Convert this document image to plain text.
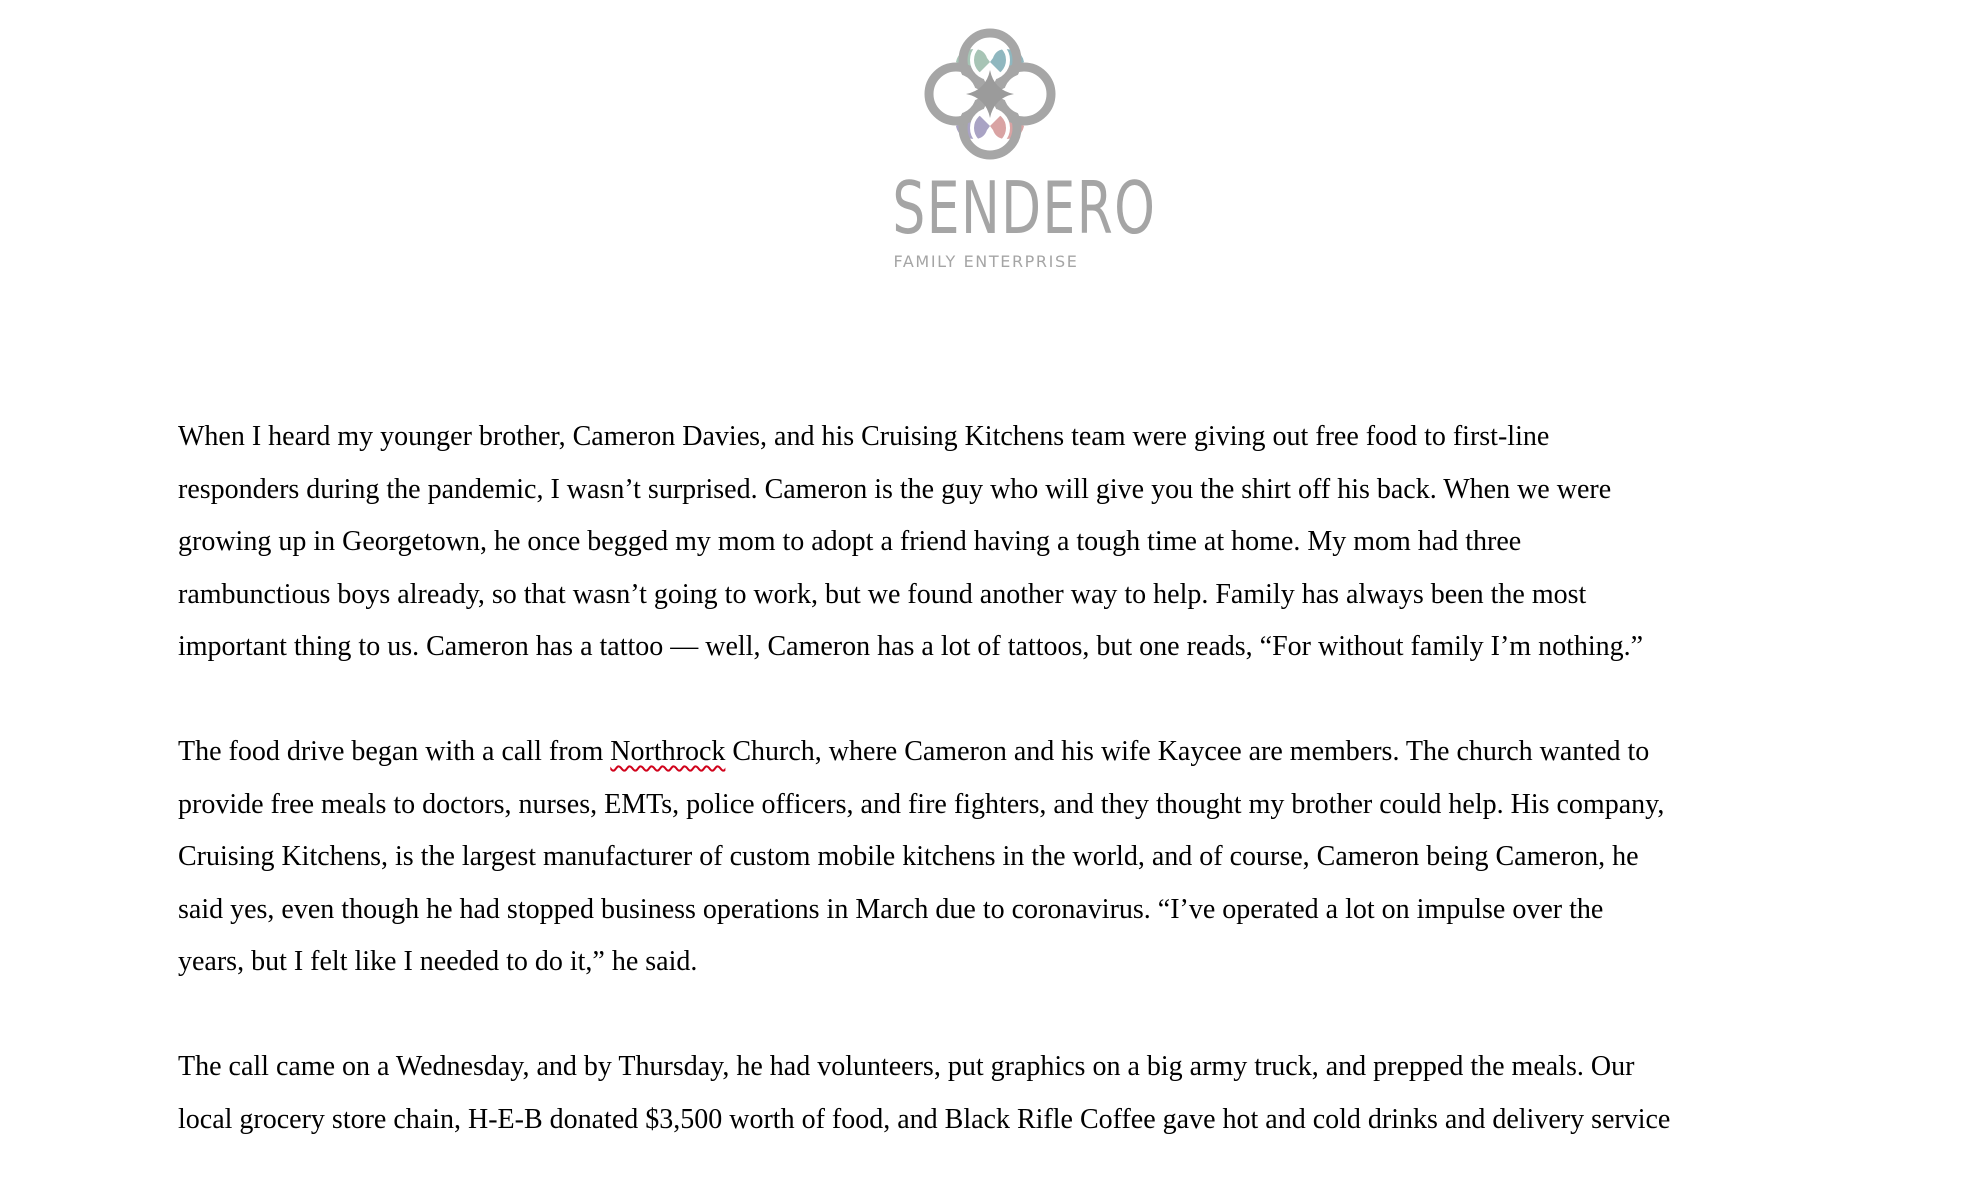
SENDERO
FAMILY ENTERPRISE

When I heard my younger brother, Cameron Davies, and his Cruising Kitchens team were giving out free food to first-line
responders during the pandemic, I wasn’t surprised. Cameron is the guy who will give you the shirt off his back. When we were
growing up in Georgetown, he once begged my mom to adopt a friend having a tough time at home. My mom had three
rambunctious boys already, so that wasn’t going to work, but we found another way to help. Family has always been the most
important thing to us. Cameron has a tattoo — well, Cameron has a lot of tattoos, but one reads, “For without family I’m nothing.”

The food drive began with a call from Northrock Church, where Cameron and his wife Kaycee are members. The church wanted to
provide free meals to doctors, nurses, EMTs, police officers, and fire fighters, and they thought my brother could help. His company,
Cruising Kitchens, is the largest manufacturer of custom mobile kitchens in the world, and of course, Cameron being Cameron, he
said yes, even though he had stopped business operations in March due to coronavirus. “I’ve operated a lot on impulse over the
years, but I felt like I needed to do it,” he said.

The call came on a Wednesday, and by Thursday, he had volunteers, put graphics on a big army truck, and prepped the meals. Our
local grocery store chain, H-E-B donated $3,500 worth of food, and Black Rifle Coffee gave hot and cold drinks and delivery service
